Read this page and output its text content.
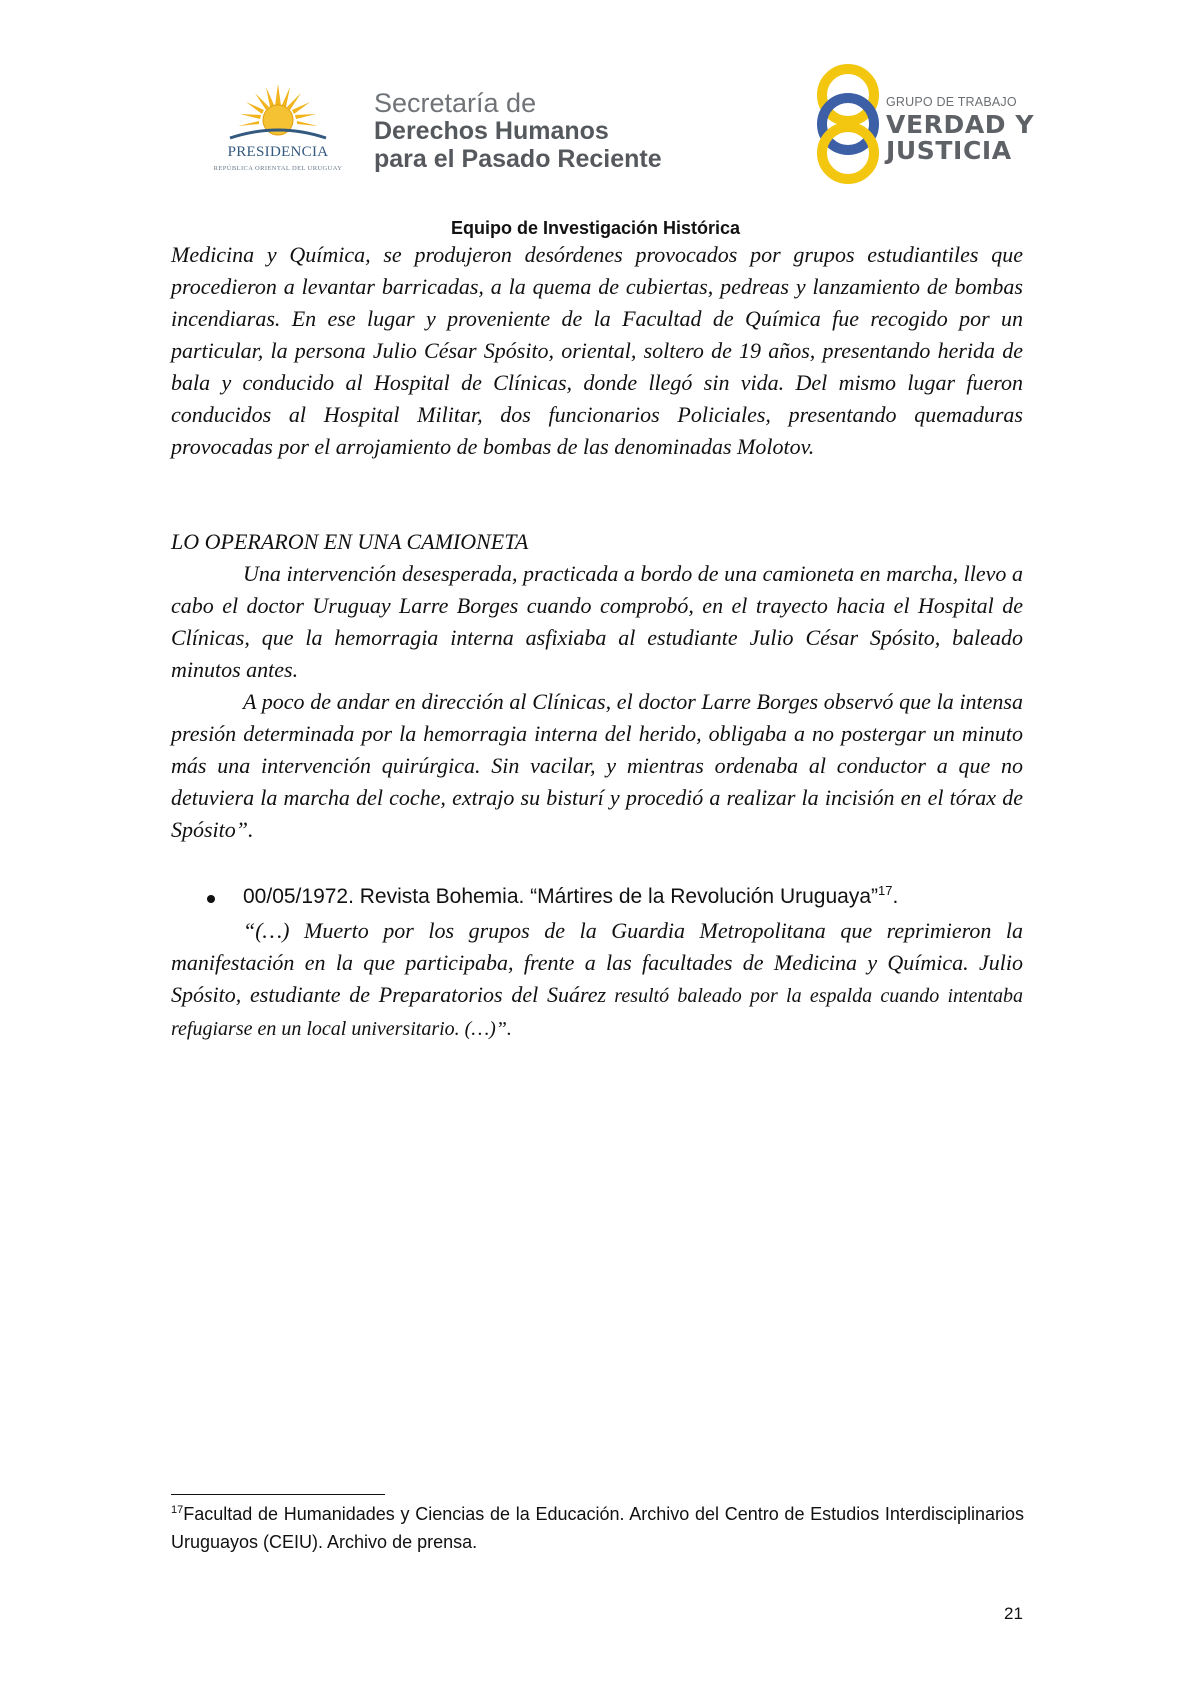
PRESIDENCIA
REPÚBLICA ORIENTAL DEL URUGUAY
Secretaría de
Derechos Humanos
para el Pasado Reciente
GRUPO DE TRABAJO
VERDAD Y
JUSTICIA
Equipo de Investigación Histórica
Medicina y Química, se produjeron desórdenes provocados por grupos estudiantiles que procedieron a levantar barricadas, a la quema de cubiertas, pedreas y lanzamiento de bombas incendiaras. En ese lugar y proveniente de la Facultad de Química fue recogido por un particular, la persona Julio César Spósito, oriental, soltero de 19 años, presentando herida de bala y conducido al Hospital de Clínicas, donde llegó sin vida. Del mismo lugar fueron conducidos al Hospital Militar, dos funcionarios Policiales, presentando quemaduras provocadas por el arrojamiento de bombas de las denominadas Molotov.
LO OPERARON EN UNA CAMIONETA
Una intervención desesperada, practicada a bordo de una camioneta en marcha, llevo a cabo el doctor Uruguay Larre Borges cuando comprobó, en el trayecto hacia el Hospital de Clínicas, que la hemorragia interna asfixiaba al estudiante Julio César Spósito, baleado minutos antes.
A poco de andar en dirección al Clínicas, el doctor Larre Borges observó que la intensa presión determinada por la hemorragia interna del herido, obligaba a no postergar un minuto más una intervención quirúrgica. Sin vacilar, y mientras ordenaba al conductor a que no detuviera la marcha del coche, extrajo su bisturí y procedió a realizar la incisión en el tórax de Spósito”.
00/05/1972. Revista Bohemia. “Mártires de la Revolución Uruguaya”$^{17}$.
“(…) Muerto por los grupos de la Guardia Metropolitana que reprimieron la manifestación en la que participaba, frente a las facultades de Medicina y Química. Julio Spósito, estudiante de Preparatorios del Suárez resultó baleado por la espalda cuando intentaba refugiarse en un local universitario. (…)”.
$^{17}$Facultad de Humanidades y Ciencias de la Educación. Archivo del Centro de Estudios Interdisciplinarios Uruguayos (CEIU). Archivo de prensa.
21
